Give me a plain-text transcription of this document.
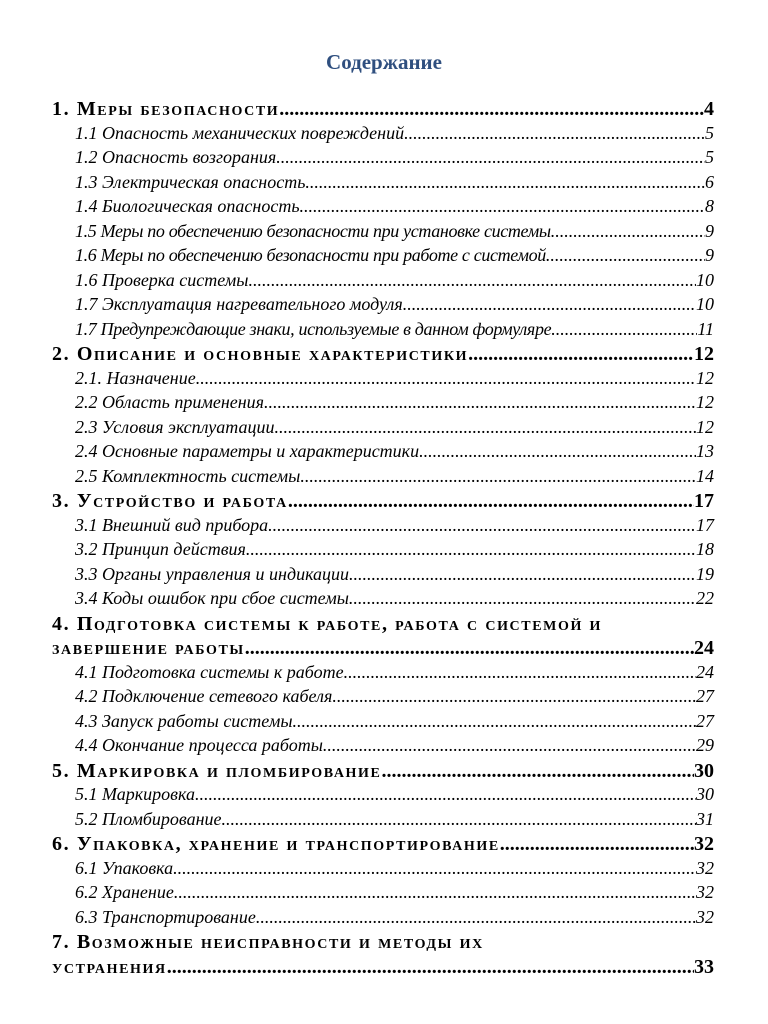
Содержание
1. Меры безопасности .....	4
1.1 Опасность механических повреждений .....	5
1.2 Опасность возгорания .....	5
1.3 Электрическая опасность .....	6
1.4 Биологическая опасность .....	8
1.5 Меры по обеспечению безопасности при установке системы .....	9
1.6 Меры по обеспечению безопасности при работе с системой .....	9
1.6 Проверка системы .....	10
1.7 Эксплуатация нагревательного модуля .....	10
1.7 Предупреждающие знаки, используемые в данном формуляре .....	11
2. Описание и основные характеристики .....	12
2.1. Назначение .....	12
2.2 Область применения .....	12
2.3 Условия эксплуатации .....	12
2.4 Основные параметры и характеристики .....	13
2.5 Комплектность системы .....	14
3. Устройство и работа .....	17
3.1 Внешний вид прибора .....	17
3.2 Принцип действия .....	18
3.3 Органы управления и индикации .....	19
3.4 Коды ошибок при сбое системы .....	22
4. Подготовка системы к работе, работа с системой и
завершение работы .....	24
4.1 Подготовка системы к работе .....	24
4.2 Подключение сетевого кабеля .....	27
4.3 Запуск работы системы .....	27
4.4 Окончание процесса работы .....	29
5. Маркировка и пломбирование .....	30
5.1 Маркировка .....	30
5.2 Пломбирование .....	31
6. Упаковка, хранение и транспортирование .....	32
6.1 Упаковка .....	32
6.2 Хранение .....	32
6.3 Транспортирование .....	32
7. Возможные неисправности и методы их
устранения .....	33
